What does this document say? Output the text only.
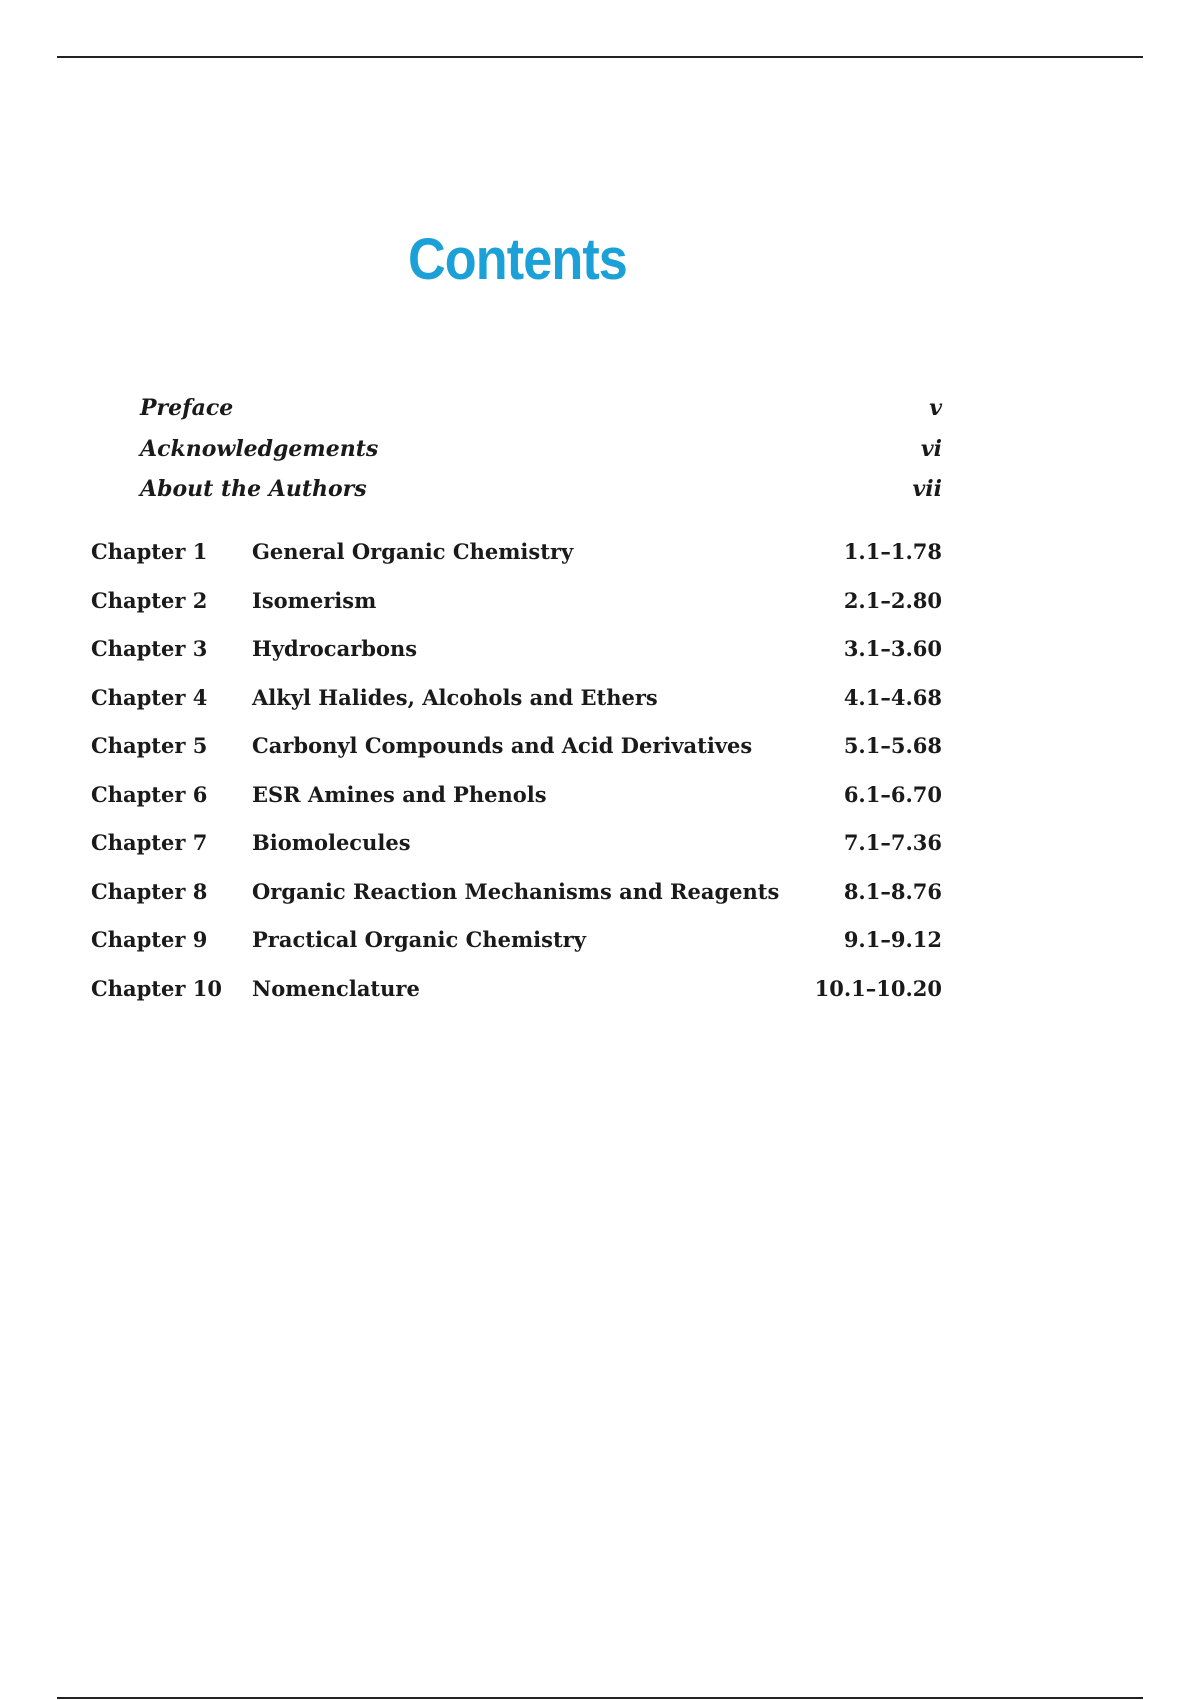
Contents
Preface	v
Acknowledgements	vi
About the Authors	vii
Chapter 1 General Organic Chemistry	1.1–1.78
Chapter 2 Isomerism	2.1–2.80
Chapter 3 Hydrocarbons	3.1–3.60
Chapter 4 Alkyl Halides, Alcohols and Ethers	4.1–4.68
Chapter 5 Carbonyl Compounds and Acid Derivatives	5.1–5.68
Chapter 6 ESR Amines and Phenols	6.1–6.70
Chapter 7 Biomolecules	7.1–7.36
Chapter 8 Organic Reaction Mechanisms and Reagents	8.1–8.76
Chapter 9 Practical Organic Chemistry	9.1–9.12
Chapter 10 Nomenclature	10.1–10.20
